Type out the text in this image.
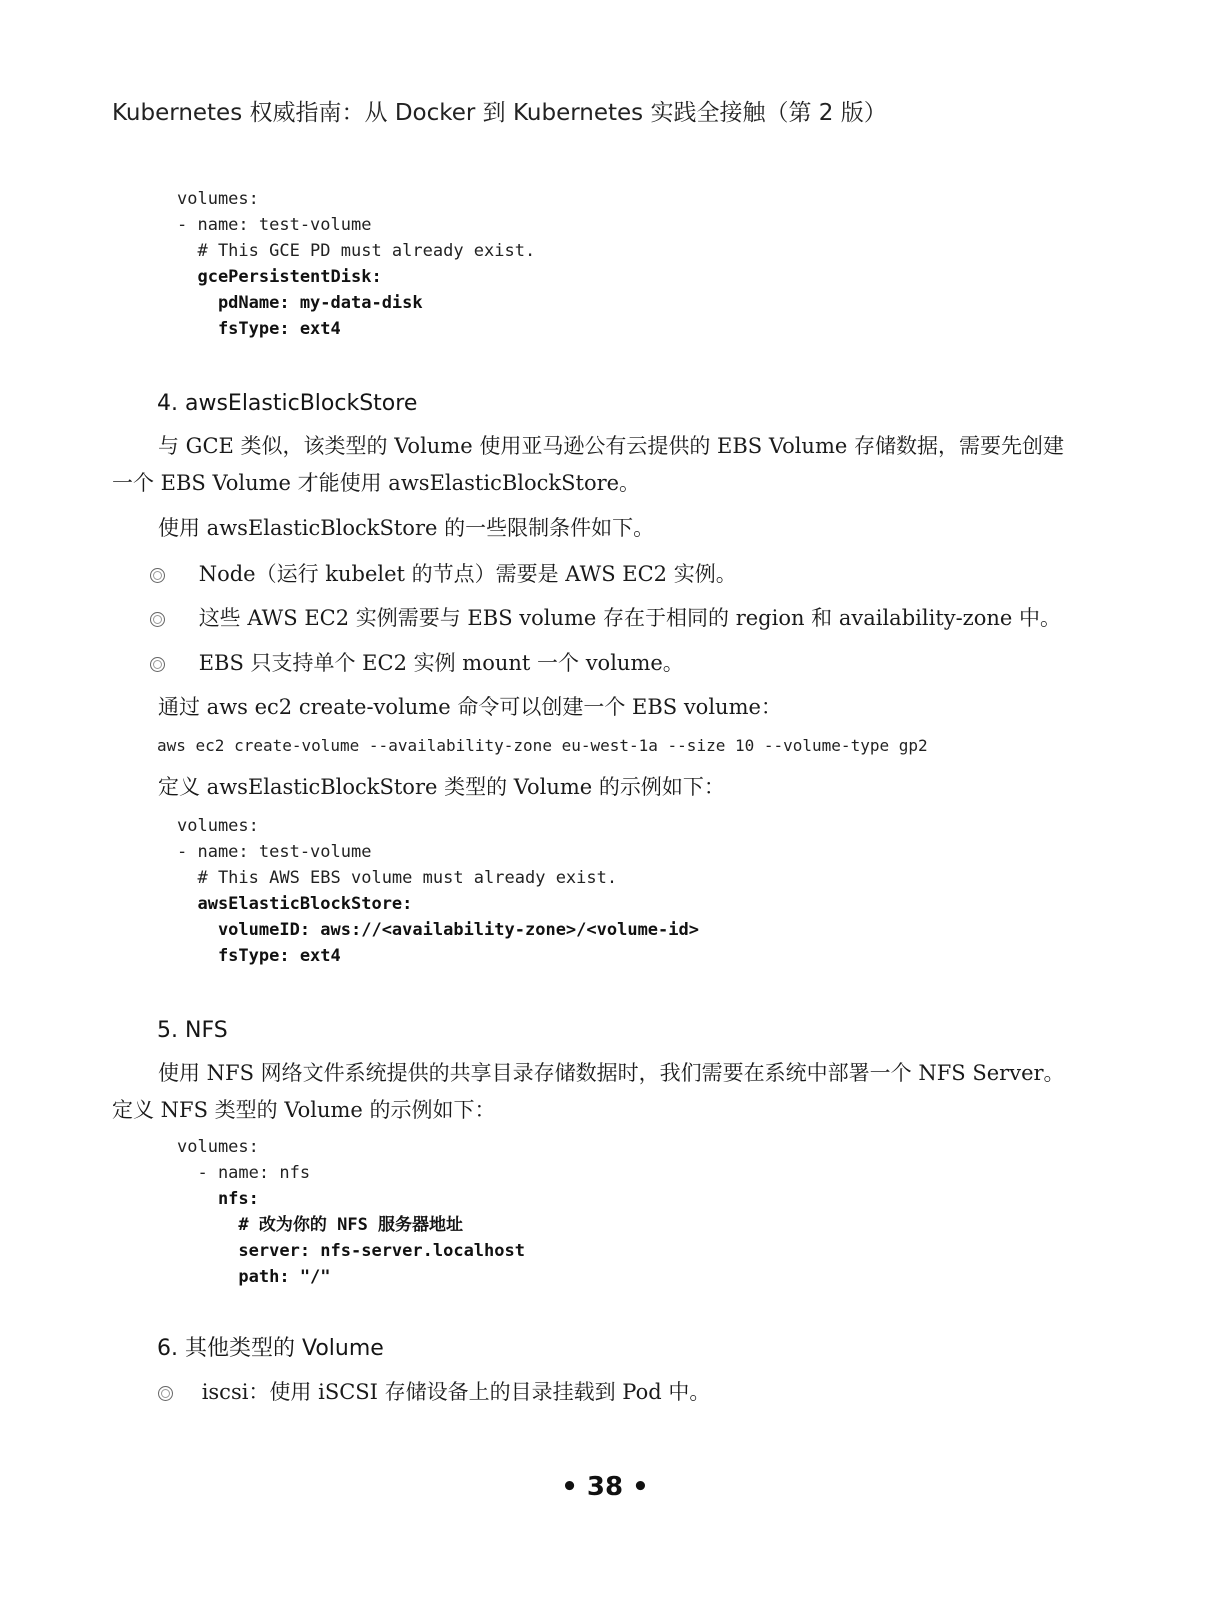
Kubernetes 权威指南：从 Docker 到 Kubernetes 实践全接触（第 2 版）
volumes:
- name: test-volume
# This GCE PD must already exist.
gcePersistentDisk:
pdName: my-data-disk
fsType: ext4
4. awsElasticBlockStore
与 GCE 类似，该类型的 Volume 使用亚马逊公有云提供的 EBS Volume 存储数据，需要先创建一个 EBS Volume 才能使用 awsElasticBlockStore。
使用 awsElasticBlockStore 的一些限制条件如下。
Node（运行 kubelet 的节点）需要是 AWS EC2 实例。
这些 AWS EC2 实例需要与 EBS volume 存在于相同的 region 和 availability-zone 中。
EBS 只支持单个 EC2 实例 mount 一个 volume。
通过 aws ec2 create-volume 命令可以创建一个 EBS volume：
aws ec2 create-volume --availability-zone eu-west-1a --size 10 --volume-type gp2
定义 awsElasticBlockStore 类型的 Volume 的示例如下：
volumes:
- name: test-volume
# This AWS EBS volume must already exist.
awsElasticBlockStore:
volumeID: aws://<availability-zone>/<volume-id>
fsType: ext4
5. NFS
使用 NFS 网络文件系统提供的共享目录存储数据时，我们需要在系统中部署一个 NFS Server。定义 NFS 类型的 Volume 的示例如下：
volumes:
- name: nfs
nfs:
# 改为你的 NFS 服务器地址
server: nfs-server.localhost
path: "/"
6. 其他类型的 Volume
iscsi：使用 iSCSI 存储设备上的目录挂载到 Pod 中。
• 38 •
